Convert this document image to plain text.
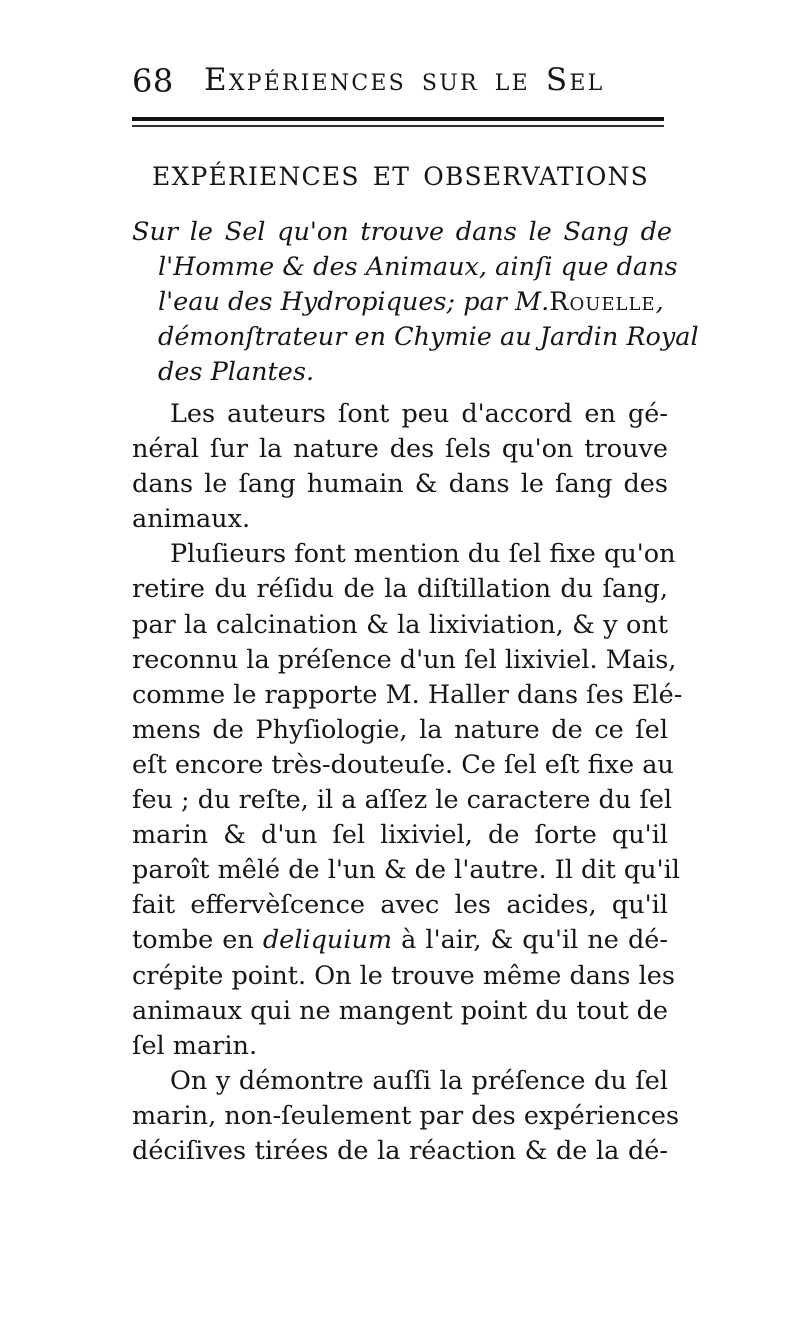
68 Expériences sur le Sel
EXPÉRIENCES ET OBSERVATIONS
Sur le Sel qu'on trouve dans le Sang de
l'Homme & des Animaux, ainſi que dans
l'eau des Hydropiques; par M.Rouelle,
démonſtrateur en Chymie au Jardin Royal
des Plantes.
Les auteurs ſont peu d'accord en gé-
néral ſur la nature des ſels qu'on trouve
dans le ſang humain & dans le ſang des
animaux.
Pluſieurs font mention du ſel fixe qu'on
retire du réſidu de la diſtillation du ſang,
par la calcination & la lixiviation, & y ont
reconnu la préſence d'un ſel lixiviel. Mais,
comme le rapporte M. Haller dans ſes Elé-
mens de Phyſiologie, la nature de ce ſel
eſt encore très-douteuſe. Ce ſel eſt fixe au
feu ; du reſte, il a aſſez le caractere du ſel
marin & d'un ſel lixiviel, de ſorte qu'il
paroît mêlé de l'un & de l'autre. Il dit qu'il
fait effervèſcence avec les acides, qu'il
tombe en deliquium à l'air, & qu'il ne dé-
crépite point. On le trouve même dans les
animaux qui ne mangent point du tout de
ſel marin.
On y démontre auſſi la préſence du ſel
marin, non-ſeulement par des expériences
déciſives tirées de la réaction & de la dé-
